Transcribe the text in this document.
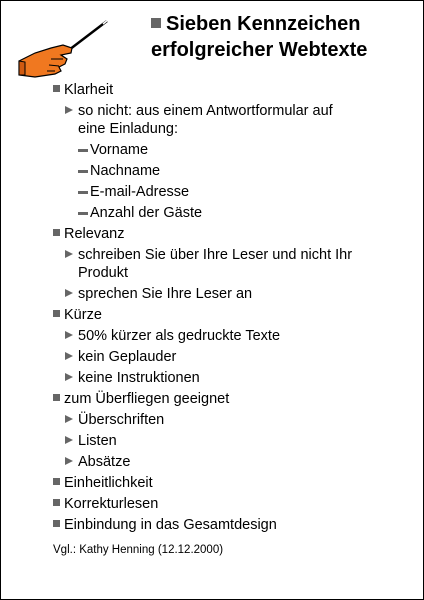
Sieben Kennzeichen
erfolgreicher Webtexte
Klarheit
so nicht: aus einem Antwortformular auf
eine Einladung:
Vorname
Nachname
E-mail-Adresse
Anzahl der Gäste
Relevanz
schreiben Sie über Ihre Leser und nicht Ihr
Produkt
sprechen Sie Ihre Leser an
Kürze
50% kürzer als gedruckte Texte
kein Geplauder
keine Instruktionen
zum Überfliegen geeignet
Überschriften
Listen
Absätze
Einheitlichkeit
Korrekturlesen
Einbindung in das Gesamtdesign
Vgl.: Kathy Henning (12.12.2000)
